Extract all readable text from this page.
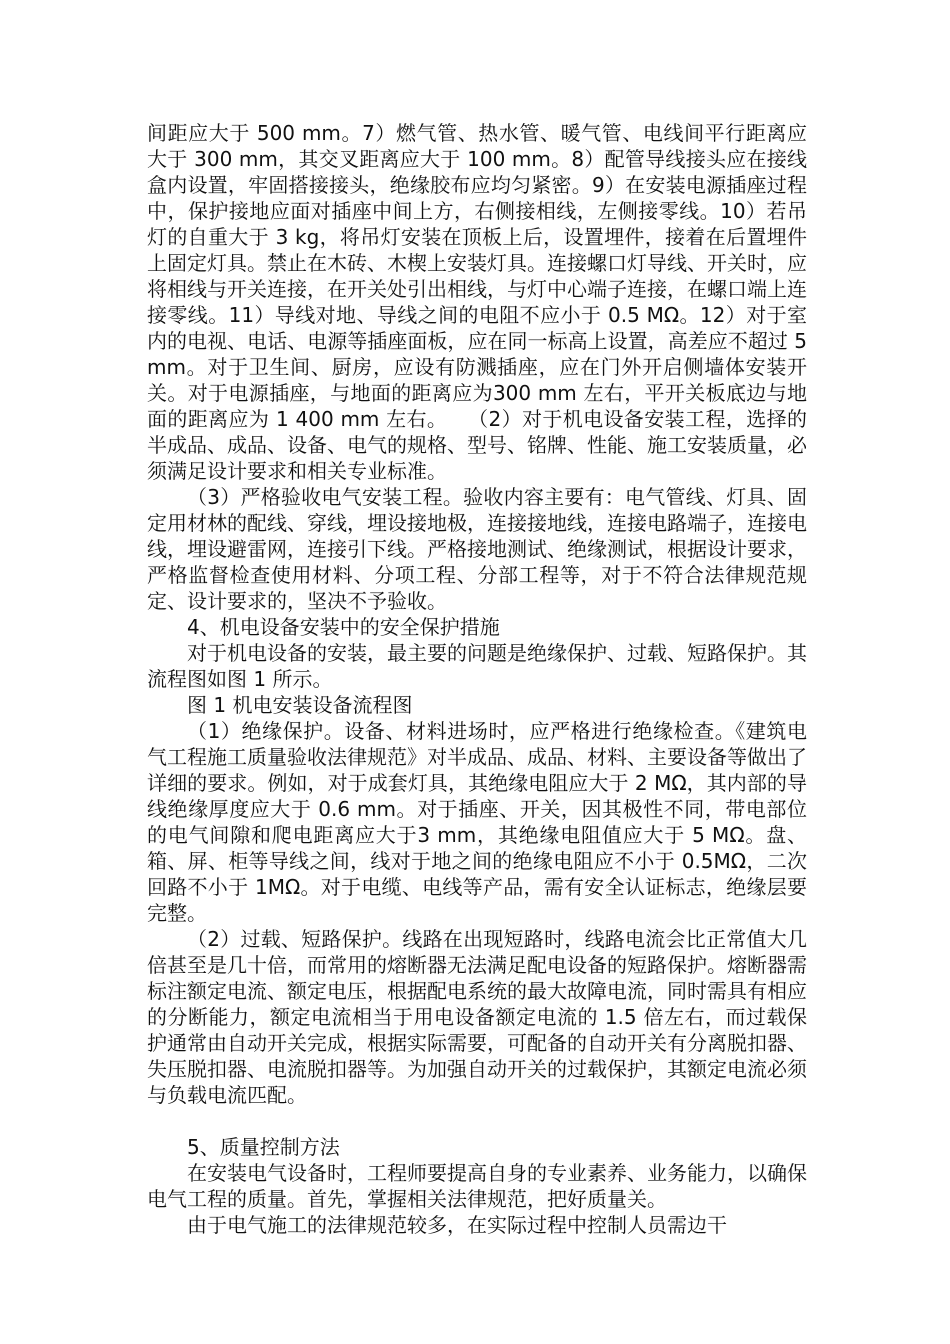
间距应大于 500 mm。7）燃气管、热水管、暖气管、电线间平行距离应大于 300 mm，其交叉距离应大于 100 mm。8）配管导线接头应在接线盒内设置，牢固搭接接头，绝缘胶布应均匀紧密。9）在安装电源插座过程中，保护接地应面对插座中间上方，右侧接相线，左侧接零线。10）若吊灯的自重大于 3 kg，将吊灯安装在顶板上后，设置埋件，接着在后置埋件上固定灯具。禁止在木砖、木楔上安装灯具。连接螺口灯导线、开关时，应将相线与开关连接，在开关处引出相线，与灯中心端子连接，在螺口端上连接零线。11）导线对地、导线之间的电阻不应小于 0.5 MΩ。12）对于室内的电视、电话、电源等插座面板，应在同一标高上设置，高差应不超过 5 mm。对于卫生间、厨房，应设有防溅插座，应在门外开启侧墙体安装开关。对于电源插座，与地面的距离应为300 mm 左右，平开关板底边与地面的距离应为 1 400 mm 左右。　　（2）对于机电设备安装工程，选择的半成品、成品、设备、电气的规格、型号、铭牌、性能、施工安装质量，必须满足设计要求和相关专业标准。

（3）严格验收电气安装工程。验收内容主要有：电气管线、灯具、固定用材林的配线、穿线，埋设接地极，连接接地线，连接电路端子，连接电线，埋设避雷网，连接引下线。严格接地测试、绝缘测试，根据设计要求，严格监督检查使用材料、分项工程、分部工程等，对于不符合法律规范规定、设计要求的，坚决不予验收。

4、机电设备安装中的安全保护措施

对于机电设备的安装，最主要的问题是绝缘保护、过载、短路保护。其流程图如图 1 所示。

图 1 机电安装设备流程图

（1）绝缘保护。设备、材料进场时，应严格进行绝缘检查。《建筑电气工程施工质量验收法律规范》对半成品、成品、材料、主要设备等做出了详细的要求。例如，对于成套灯具，其绝缘电阻应大于 2 MΩ，其内部的导线绝缘厚度应大于 0.6 mm。对于插座、开关，因其极性不同，带电部位的电气间隙和爬电距离应大于3 mm，其绝缘电阻值应大于 5 MΩ。盘、箱、屏、柜等导线之间，线对于地之间的绝缘电阻应不小于 0.5MΩ，二次回路不小于 1MΩ。对于电缆、电线等产品，需有安全认证标志，绝缘层要完整。

（2）过载、短路保护。线路在出现短路时，线路电流会比正常值大几倍甚至是几十倍，而常用的熔断器无法满足配电设备的短路保护。熔断器需标注额定电流、额定电压，根据配电系统的最大故障电流，同时需具有相应的分断能力，额定电流相当于用电设备额定电流的 1.5 倍左右，而过载保护通常由自动开关完成，根据实际需要，可配备的自动开关有分离脱扣器、失压脱扣器、电流脱扣器等。为加强自动开关的过载保护，其额定电流必须与负载电流匹配。

5、质量控制方法

在安装电气设备时，工程师要提高自身的专业素养、业务能力，以确保电气工程的质量。首先，掌握相关法律规范，把好质量关。

由于电气施工的法律规范较多，在实际过程中控制人员需边干
